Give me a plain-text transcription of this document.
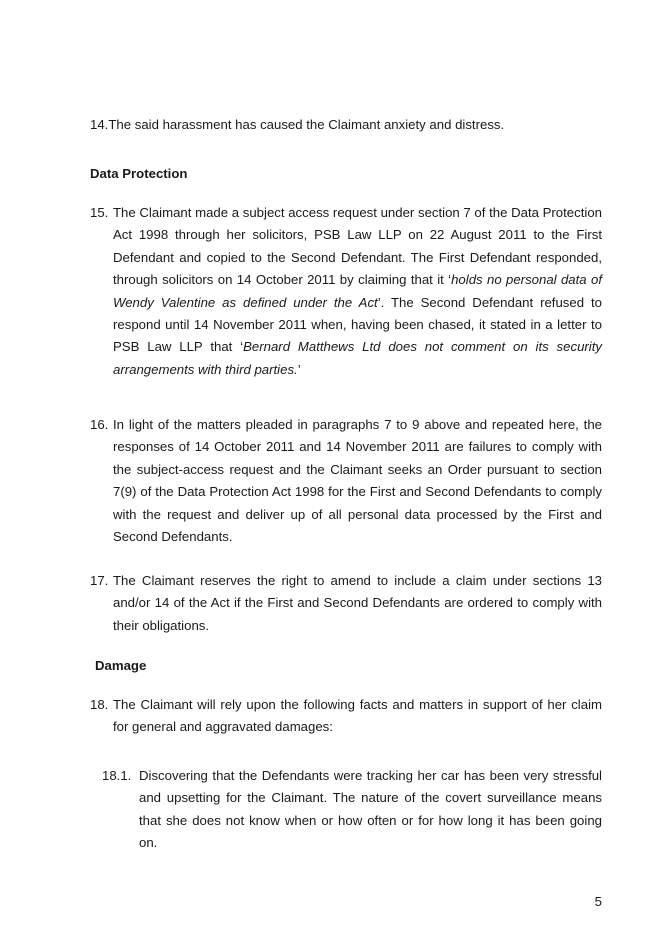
14.The said harassment has caused the Claimant anxiety and distress.
Data Protection
15. The Claimant made a subject access request under section 7 of the Data Protection Act 1998 through her solicitors, PSB Law LLP on 22 August 2011 to the First Defendant and copied to the Second Defendant. The First Defendant responded, through solicitors on 14 October 2011 by claiming that it ‘holds no personal data of Wendy Valentine as defined under the Act’. The Second Defendant refused to respond until 14 November 2011 when, having been chased, it stated in a letter to PSB Law LLP that ‘Bernard Matthews Ltd does not comment on its security arrangements with third parties.’
16. In light of the matters pleaded in paragraphs 7 to 9 above and repeated here, the responses of 14 October 2011 and 14 November 2011 are failures to comply with the subject-access request and the Claimant seeks an Order pursuant to section 7(9) of the Data Protection Act 1998 for the First and Second Defendants to comply with the request and deliver up of all personal data processed by the First and Second Defendants.
17. The Claimant reserves the right to amend to include a claim under sections 13 and/or 14 of the Act if the First and Second Defendants are ordered to comply with their obligations.
Damage
18. The Claimant will rely upon the following facts and matters in support of her claim for general and aggravated damages:
18.1. Discovering that the Defendants were tracking her car has been very stressful and upsetting for the Claimant. The nature of the covert surveillance means that she does not know when or how often or for how long it has been going on.

5
